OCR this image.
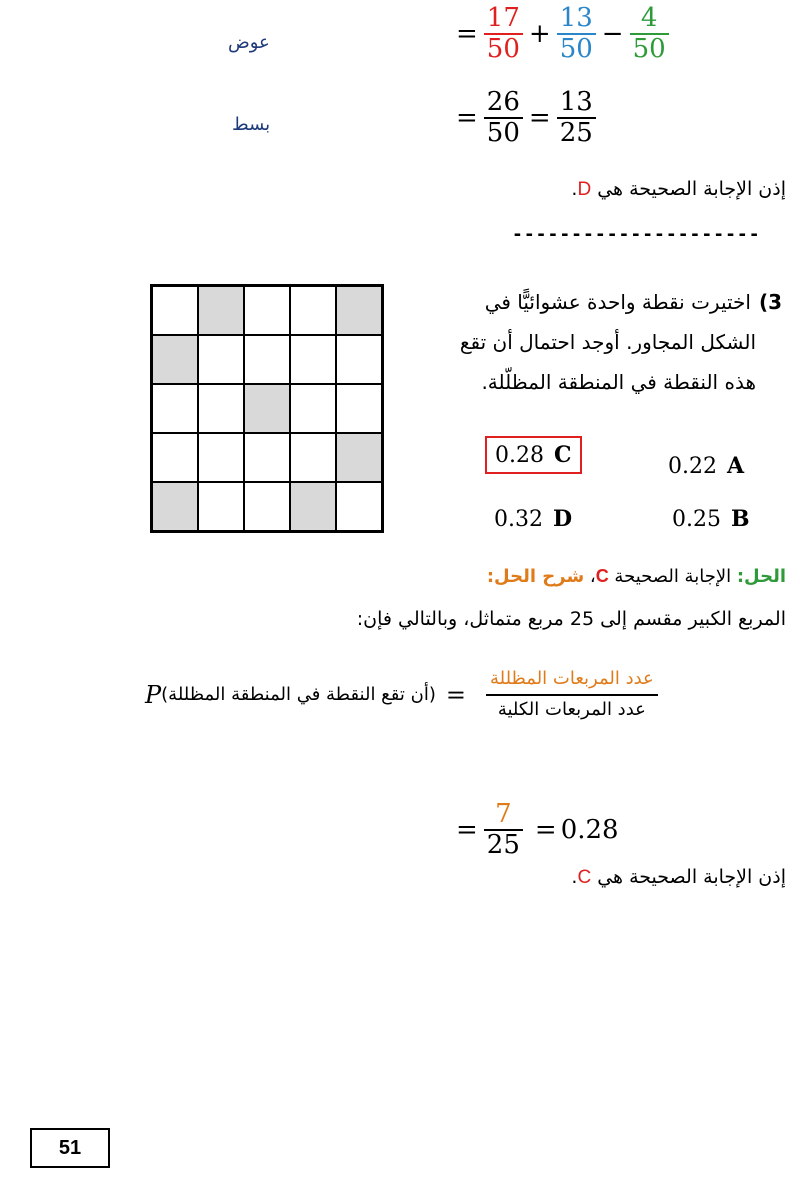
عوض	= $\frac{17}{50} + \frac{13}{50} - \frac{4}{50}$
بسط	= $\frac{26}{50} = \frac{13}{25}$
إذن الإجابة الصحيحة هي D.
---------------------
3)اختيرت نقطة واحدة عشوائيًّا في
الشكل المجاور. أوجد احتمال أن تقع
هذه النقطة في المنطقة المظلّلة.
0.28 C	0.22 A
0.32 D	0.25 B
الحل: الإجابة الصحيحة C، شرح الحل:
المربع الكبير مقسم إلى 25 مربع متماثل، وبالتالي فإن:
P (أن تقع النقطة في المنطقة المظللة) = $\frac{\text{عدد المربعات المظللة}}{\text{عدد المربعات الكلية}}$
= $\frac{7}{25} = 0.28$
إذن الإجابة الصحيحة هي C.
51
